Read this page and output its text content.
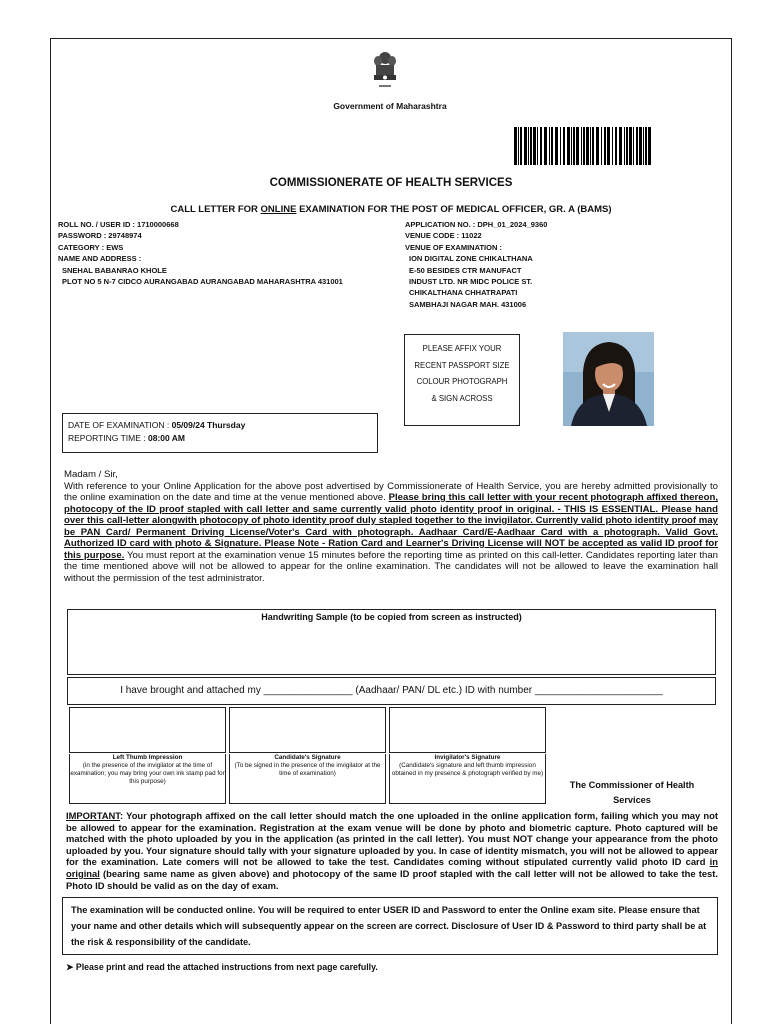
Government of Maharashtra
COMMISSIONERATE OF HEALTH SERVICES
CALL LETTER FOR ONLINE EXAMINATION FOR THE POST OF MEDICAL OFFICER, GR. A (BAMS)
ROLL NO. / USER ID : 1710000668
PASSWORD : 29748974
CATEGORY : EWS
NAME AND ADDRESS :
SNEHAL BABANRAO KHOLE
PLOT NO 5 N-7 CIDCO AURANGABAD AURANGABAD MAHARASHTRA 431001
APPLICATION NO. : DPH_01_2024_9360
VENUE CODE : 11022
VENUE OF EXAMINATION :
ION DIGITAL ZONE CHIKALTHANA
E-50 BESIDES CTR MANUFACT
INDUST LTD. NR MIDC POLICE ST.
CHIKALTHANA CHHATRAPATI
SAMBHAJI NAGAR MAH. 431006
PLEASE AFFIX YOUR
RECENT PASSPORT SIZE
COLOUR PHOTOGRAPH
& SIGN ACROSS
DATE OF EXAMINATION : 05/09/24 Thursday
REPORTING TIME : 08:00 AM
Madam / Sir,
With reference to your Online Application for the above post advertised by Commissionerate of Health Service, you are hereby admitted provisionally to the online examination on the date and time at the venue mentioned above. Please bring this call letter with your recent photograph affixed thereon, photocopy of the ID proof stapled with call letter and same currently valid photo identity proof in original. - THIS IS ESSENTIAL. Please hand over this call-letter alongwith photocopy of photo identity proof duly stapled together to the invigilator. Currently valid photo identity proof may be PAN Card/ Permanent Driving License/Voter's Card with photograph. Aadhaar Card/E-Aadhaar Card with a photograph. Valid Govt. Authorized ID card with photo & Signature. Please Note - Ration Card and Learner's Driving License will NOT be accepted as valid ID proof for this purpose. You must report at the examination venue 15 minutes before the reporting time as printed on this call-letter. Candidates reporting later than the time mentioned above will not be allowed to appear for the online examination. The candidates will not be allowed to leave the examination hall without the permission of the test administrator.
Handwriting Sample (to be copied from screen as instructed)
I have brought and attached my ________________ (Aadhaar/ PAN/ DL etc.) ID with number _______________________
Left Thumb Impression
(in the presence of the invigilator at the time of examination; you may bring your own ink stamp pad for this purpose)
Candidate's Signature
(To be signed in the presence of the invigilator at the time of examination)
Invigilator's Signature
(Candidate's signature and left thumb impression obtained in my presence & photograph verified by me)
The Commissioner of Health Services
IMPORTANT: Your photograph affixed on the call letter should match the one uploaded in the online application form, failing which you may not be allowed to appear for the examination. Registration at the exam venue will be done by photo and biometric capture. Photo captured will be matched with the photo uploaded by you in the application (as printed in the call letter). You must NOT change your appearance from the photo uploaded by you. Your signature should tally with your signature uploaded by you. In case of identity mismatch, you will not be allowed to appear for the examination. Late comers will not be allowed to take the test. Candidates coming without stipulated currently valid photo ID card in original (bearing same name as given above) and photocopy of the same ID proof stapled with the call letter will not be allowed to take the test. Photo ID should be valid as on the day of exam.
The examination will be conducted online. You will be required to enter USER ID and Password to enter the Online exam site. Please ensure that your name and other details which will subsequently appear on the screen are correct. Disclosure of User ID & Password to third party shall be at the risk & responsibility of the candidate.
➤ Please print and read the attached instructions from next page carefully.
